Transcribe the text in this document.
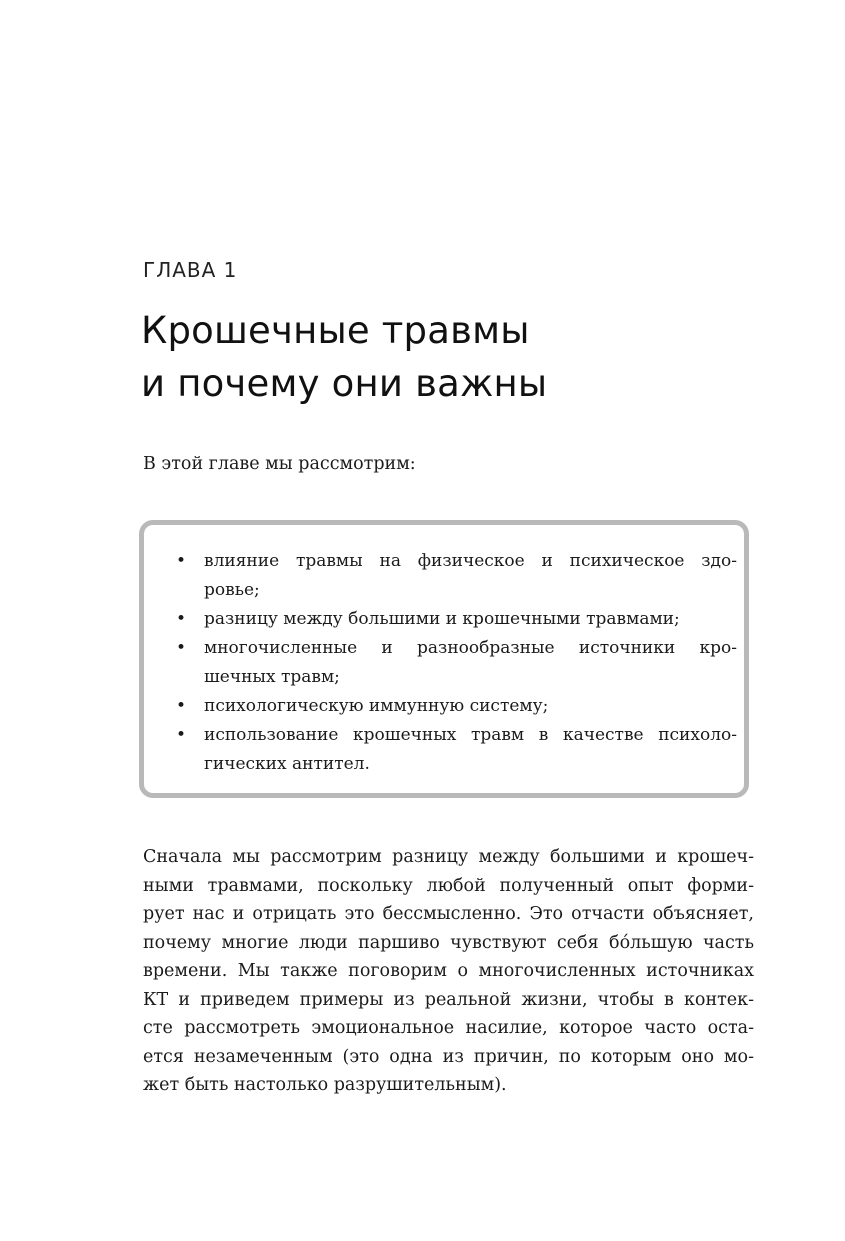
ГЛАВА 1
Крошечные травмы
и почему они важны

В этой главе мы рассмотрим:

• влияние травмы на физическое и психическое здо-
ровье;
• разницу между большими и крошечными травмами;
• многочисленные и разнообразные источники кро-
шечных травм;
• психологическую иммунную систему;
• использование крошечных травм в качестве психоло-
гических антител.
Сначала мы рассмотрим разницу между большими и крошеч-
ными травмами, поскольку любой полученный опыт форми-
рует нас и отрицать это бессмысленно. Это отчасти объясняет,
почему многие люди паршиво чувствуют себя бóльшую часть
времени. Мы также поговорим о многочисленных источниках
КТ и приведем примеры из реальной жизни, чтобы в контек-
сте рассмотреть эмоциональное насилие, которое часто оста-
ется незамеченным (это одна из причин, по которым оно мо-
жет быть настолько разрушительным).
